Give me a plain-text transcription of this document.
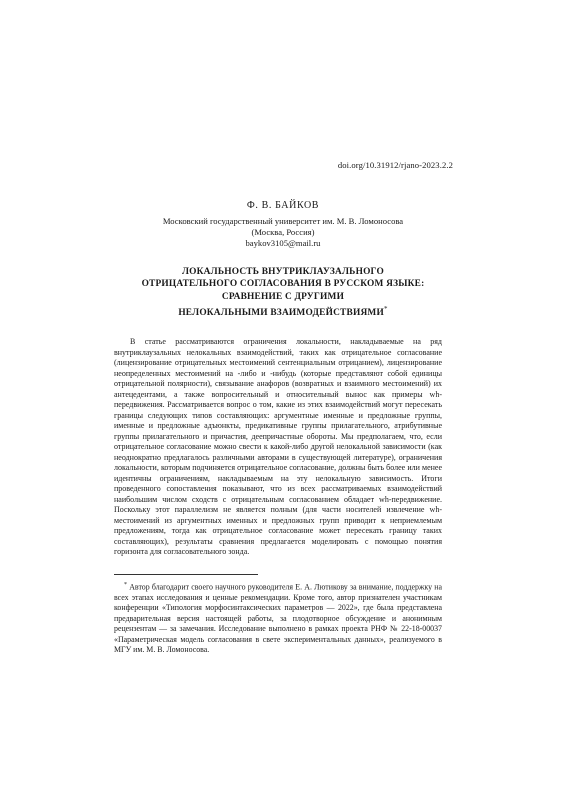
doi.org/10.31912/rjano-2023.2.2
Ф. В. БАЙКОВ
Московский государственный университет им. М. В. Ломоносова
(Москва, Россия)
baykov3105@mail.ru
ЛОКАЛЬНОСТЬ ВНУТРИКЛАУЗАЛЬНОГО
ОТРИЦАТЕЛЬНОГО СОГЛАСОВАНИЯ В РУССКОМ ЯЗЫКЕ:
СРАВНЕНИЕ С ДРУГИМИ
НЕЛОКАЛЬНЫМИ ВЗАИМОДЕЙСТВИЯМИ*

В статье рассматриваются ограничения локальности, накладываемые на ряд внутриклаузальных нелокальных взаимодействий, таких как отрицательное согласование (лицензирование отрицательных местоимений сентенциальным отрицанием), лицензирование неопределенных местоимений на -либо и -нибудь (которые представляют собой единицы отрицательной полярности), связывание анафоров (возвратных и взаимного местоимений) их антецедентами, а также вопросительный и относительный вынос как примеры wh-передвижения. Рассматривается вопрос о том, какие из этих взаимодействий могут пересекать границы следующих типов составляющих: аргументные именные и предложные группы, именные и предложные адъюнкты, предикативные группы прилагательного, атрибутивные группы прилагательного и причастия, деепричастные обороты. Мы предполагаем, что, если отрицательное согласование можно свести к какой-либо другой нелокальной зависимости (как неоднократно предлагалось различными авторами в существующей литературе), ограничения локальности, которым подчиняется отрицательное согласование, должны быть более или менее идентичны ограничениям, накладываемым на эту нелокальную зависимость. Итоги проведенного сопоставления показывают, что из всех рассматриваемых взаимодействий наибольшим числом сходств с отрицательным согласованием обладает wh-передвижение. Поскольку этот параллелизм не является полным (для части носителей извлечение wh-местоимений из аргументных именных и предложных групп приводит к неприемлемым предложениям, тогда как отрицательное согласование может пересекать границу таких составляющих), результаты сравнения предлагается моделировать с помощью понятия горизонта для согласовательного зонда.

* Автор благодарит своего научного руководителя Е. А. Лютикову за внимание, поддержку на всех этапах исследования и ценные рекомендации. Кроме того, автор признателен участникам конференции «Типология морфосинтаксических параметров — 2022», где была представлена предварительная версия настоящей работы, за плодотворное обсуждение и анонимным рецензентам — за замечания. Исследование выполнено в рамках проекта РНФ № 22-18-00037 «Параметрическая модель согласования в свете экспериментальных данных», реализуемого в МГУ им. М. В. Ломоносова.
